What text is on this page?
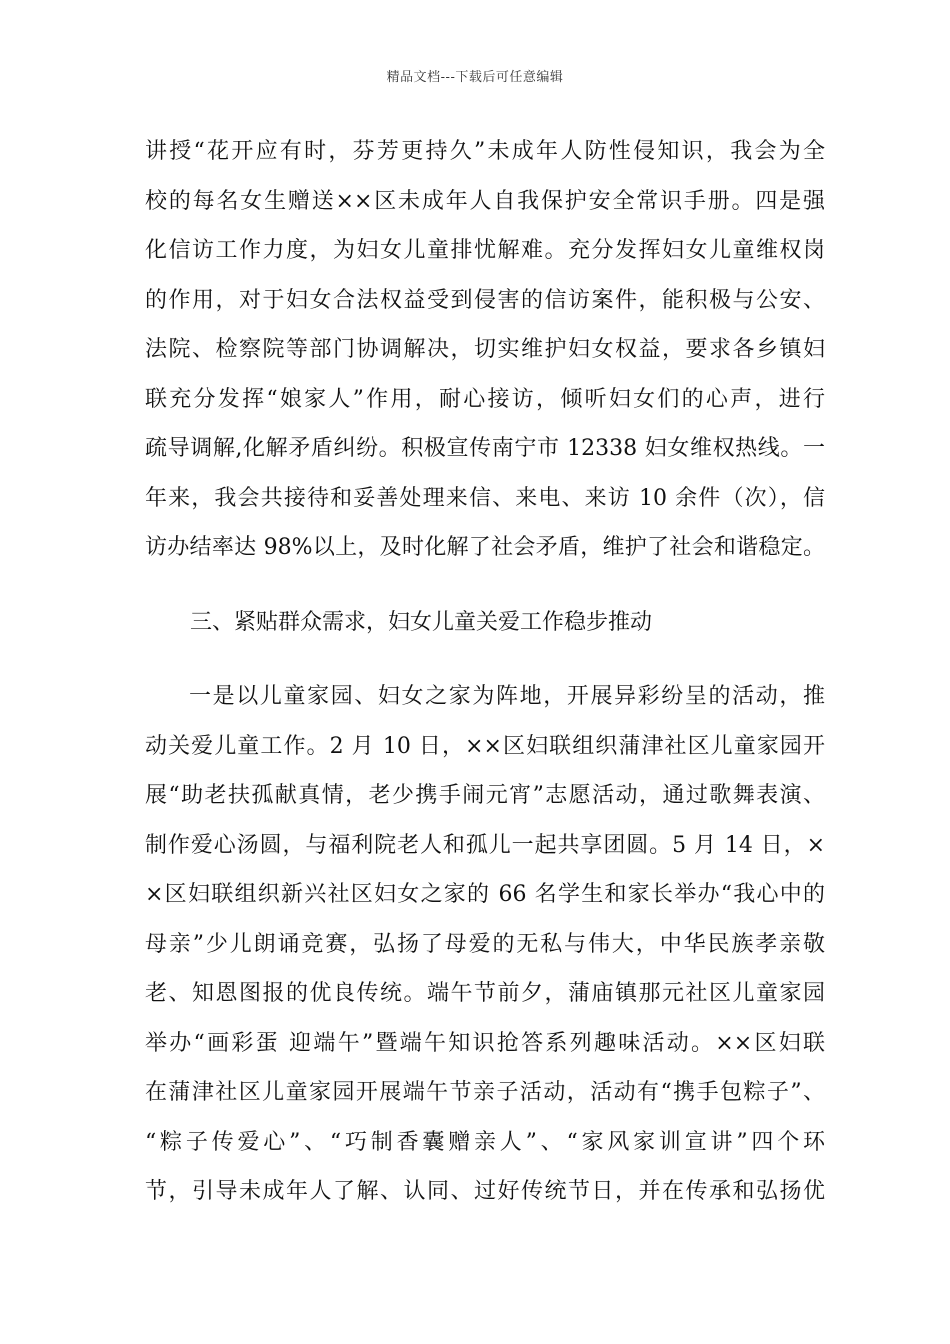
精品文档---下载后可任意编辑
讲授“花开应有时，芬芳更持久”未成年人防性侵知识，我会为全
校的每名女生赠送××区未成年人自我保护安全常识手册。四是强
化信访工作力度，为妇女儿童排忧解难。充分发挥妇女儿童维权岗
的作用，对于妇女合法权益受到侵害的信访案件，能积极与公安、
法院、检察院等部门协调解决，切实维护妇女权益，要求各乡镇妇
联充分发挥“娘家人”作用，耐心接访，倾听妇女们的心声，进行
疏导调解,化解矛盾纠纷。积极宣传南宁市 12338 妇女维权热线。一
年来，我会共接待和妥善处理来信、来电、来访 10 余件（次），信
访办结率达 98%以上，及时化解了社会矛盾，维护了社会和谐稳定。
三、紧贴群众需求，妇女儿童关爱工作稳步推动
一是以儿童家园、妇女之家为阵地，开展异彩纷呈的活动，推
动关爱儿童工作。2 月 10 日，××区妇联组织蒲津社区儿童家园开
展“助老扶孤献真情，老少携手闹元宵”志愿活动，通过歌舞表演、
制作爱心汤圆，与福利院老人和孤儿一起共享团圆。5 月 14 日，×
×区妇联组织新兴社区妇女之家的 66 名学生和家长举办“我心中的
母亲”少儿朗诵竞赛，弘扬了母爱的无私与伟大，中华民族孝亲敬
老、知恩图报的优良传统。端午节前夕，蒲庙镇那元社区儿童家园
举办“画彩蛋 迎端午”暨端午知识抢答系列趣味活动。××区妇联
在蒲津社区儿童家园开展端午节亲子活动，活动有“携手包粽子”、
“粽子传爱心”、“巧制香囊赠亲人”、“家风家训宣讲”四个环
节，引导未成年人了解、认同、过好传统节日，并在传承和弘扬优
